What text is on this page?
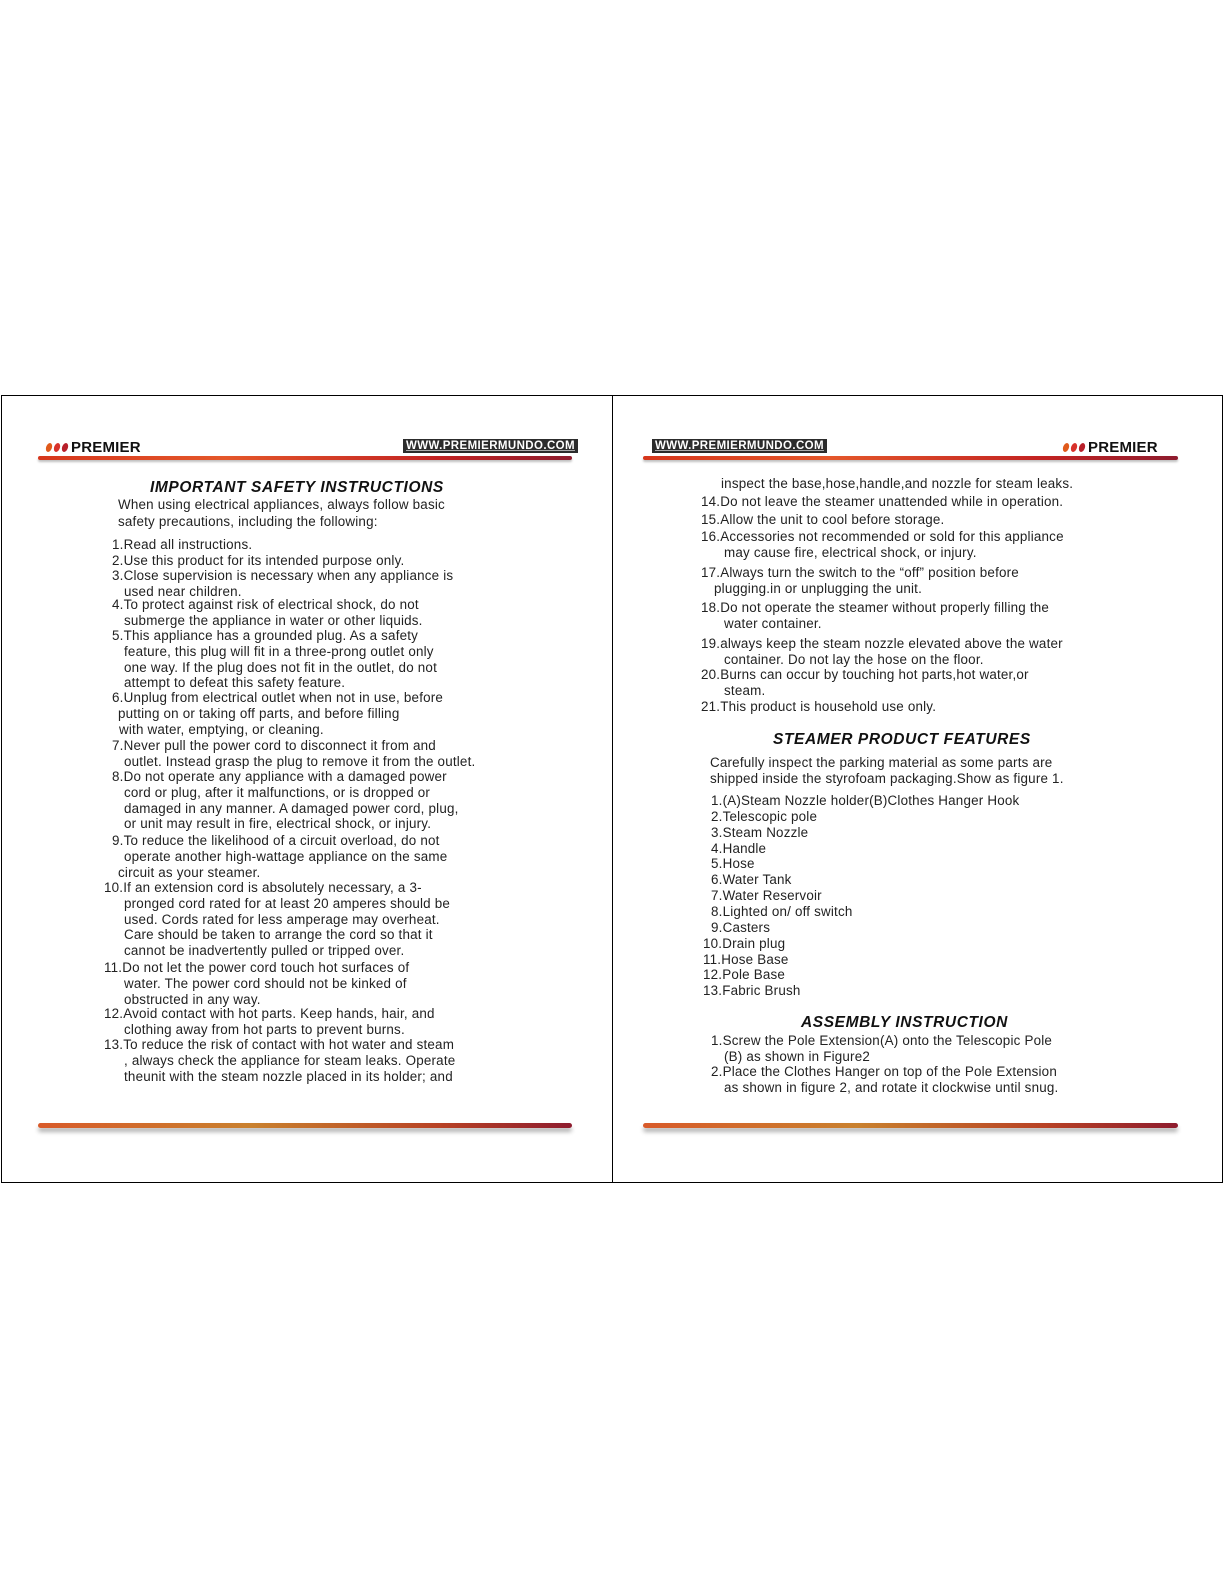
PREMIER	WWW.PREMIERMUNDO.COM
IMPORTANT SAFETY INSTRUCTIONS
When using electrical appliances, always follow basic
safety precautions, including the following:
1.Read all instructions.
2.Use this product for its intended purpose only.
3.Close supervision is necessary when any appliance is
used near children.
4.To protect against risk of electrical shock, do not
submerge the appliance in water or other liquids.
5.This appliance has a grounded plug. As a safety
feature, this plug will fit in a three-prong outlet only
one way. If the plug does not fit in the outlet, do not
attempt to defeat this safety feature.
6.Unplug from electrical outlet when not in use, before
putting on or taking off parts, and before filling
with water, emptying, or cleaning.
7.Never pull the power cord to disconnect it from and
outlet. Instead grasp the plug to remove it from the outlet.
8.Do not operate any appliance with a damaged power
cord or plug, after it malfunctions, or is dropped or
damaged in any manner. A damaged power cord, plug,
or unit may result in fire, electrical shock, or injury.
9.To reduce the likelihood of a circuit overload, do not
operate another high-wattage appliance on the same
circuit as your steamer.
10.If an extension cord is absolutely necessary, a 3-
pronged cord rated for at least 20 amperes should be
used. Cords rated for less amperage may overheat.
Care should be taken to arrange the cord so that it
cannot be inadvertently pulled or tripped over.
11.Do not let the power cord touch hot surfaces of
water. The power cord should not be kinked of
obstructed in any way.
12.Avoid contact with hot parts. Keep hands, hair, and
clothing away from hot parts to prevent burns.
13.To reduce the risk of contact with hot water and steam
, always check the appliance for steam leaks. Operate
theunit with the steam nozzle placed in its holder; and
WWW.PREMIERMUNDO.COM	PREMIER
inspect the base,hose,handle,and nozzle for steam leaks.
14.Do not leave the steamer unattended while in operation.
15.Allow the unit to cool before storage.
16.Accessories not recommended or sold for this appliance
may cause fire, electrical shock, or injury.
17.Always turn the switch to the “off” position before
plugging.in or unplugging the unit.
18.Do not operate the steamer without properly filling the
water container.
19.always keep the steam nozzle elevated above the water
container. Do not lay the hose on the floor.
20.Burns can occur by touching hot parts,hot water,or
steam.
21.This product is household use only.
STEAMER PRODUCT FEATURES
Carefully inspect the parking material as some parts are
shipped inside the styrofoam packaging.Show as figure 1.
1.(A)Steam Nozzle holder(B)Clothes Hanger Hook
2.Telescopic pole
3.Steam Nozzle
4.Handle
5.Hose
6.Water Tank
7.Water Reservoir
8.Lighted on/ off switch
9.Casters
10.Drain plug
11.Hose Base
12.Pole Base
13.Fabric Brush
ASSEMBLY INSTRUCTION
1.Screw the Pole Extension(A) onto the Telescopic Pole
(B) as shown in Figure2
2.Place the Clothes Hanger on top of the Pole Extension
as shown in figure 2, and rotate it clockwise until snug.
